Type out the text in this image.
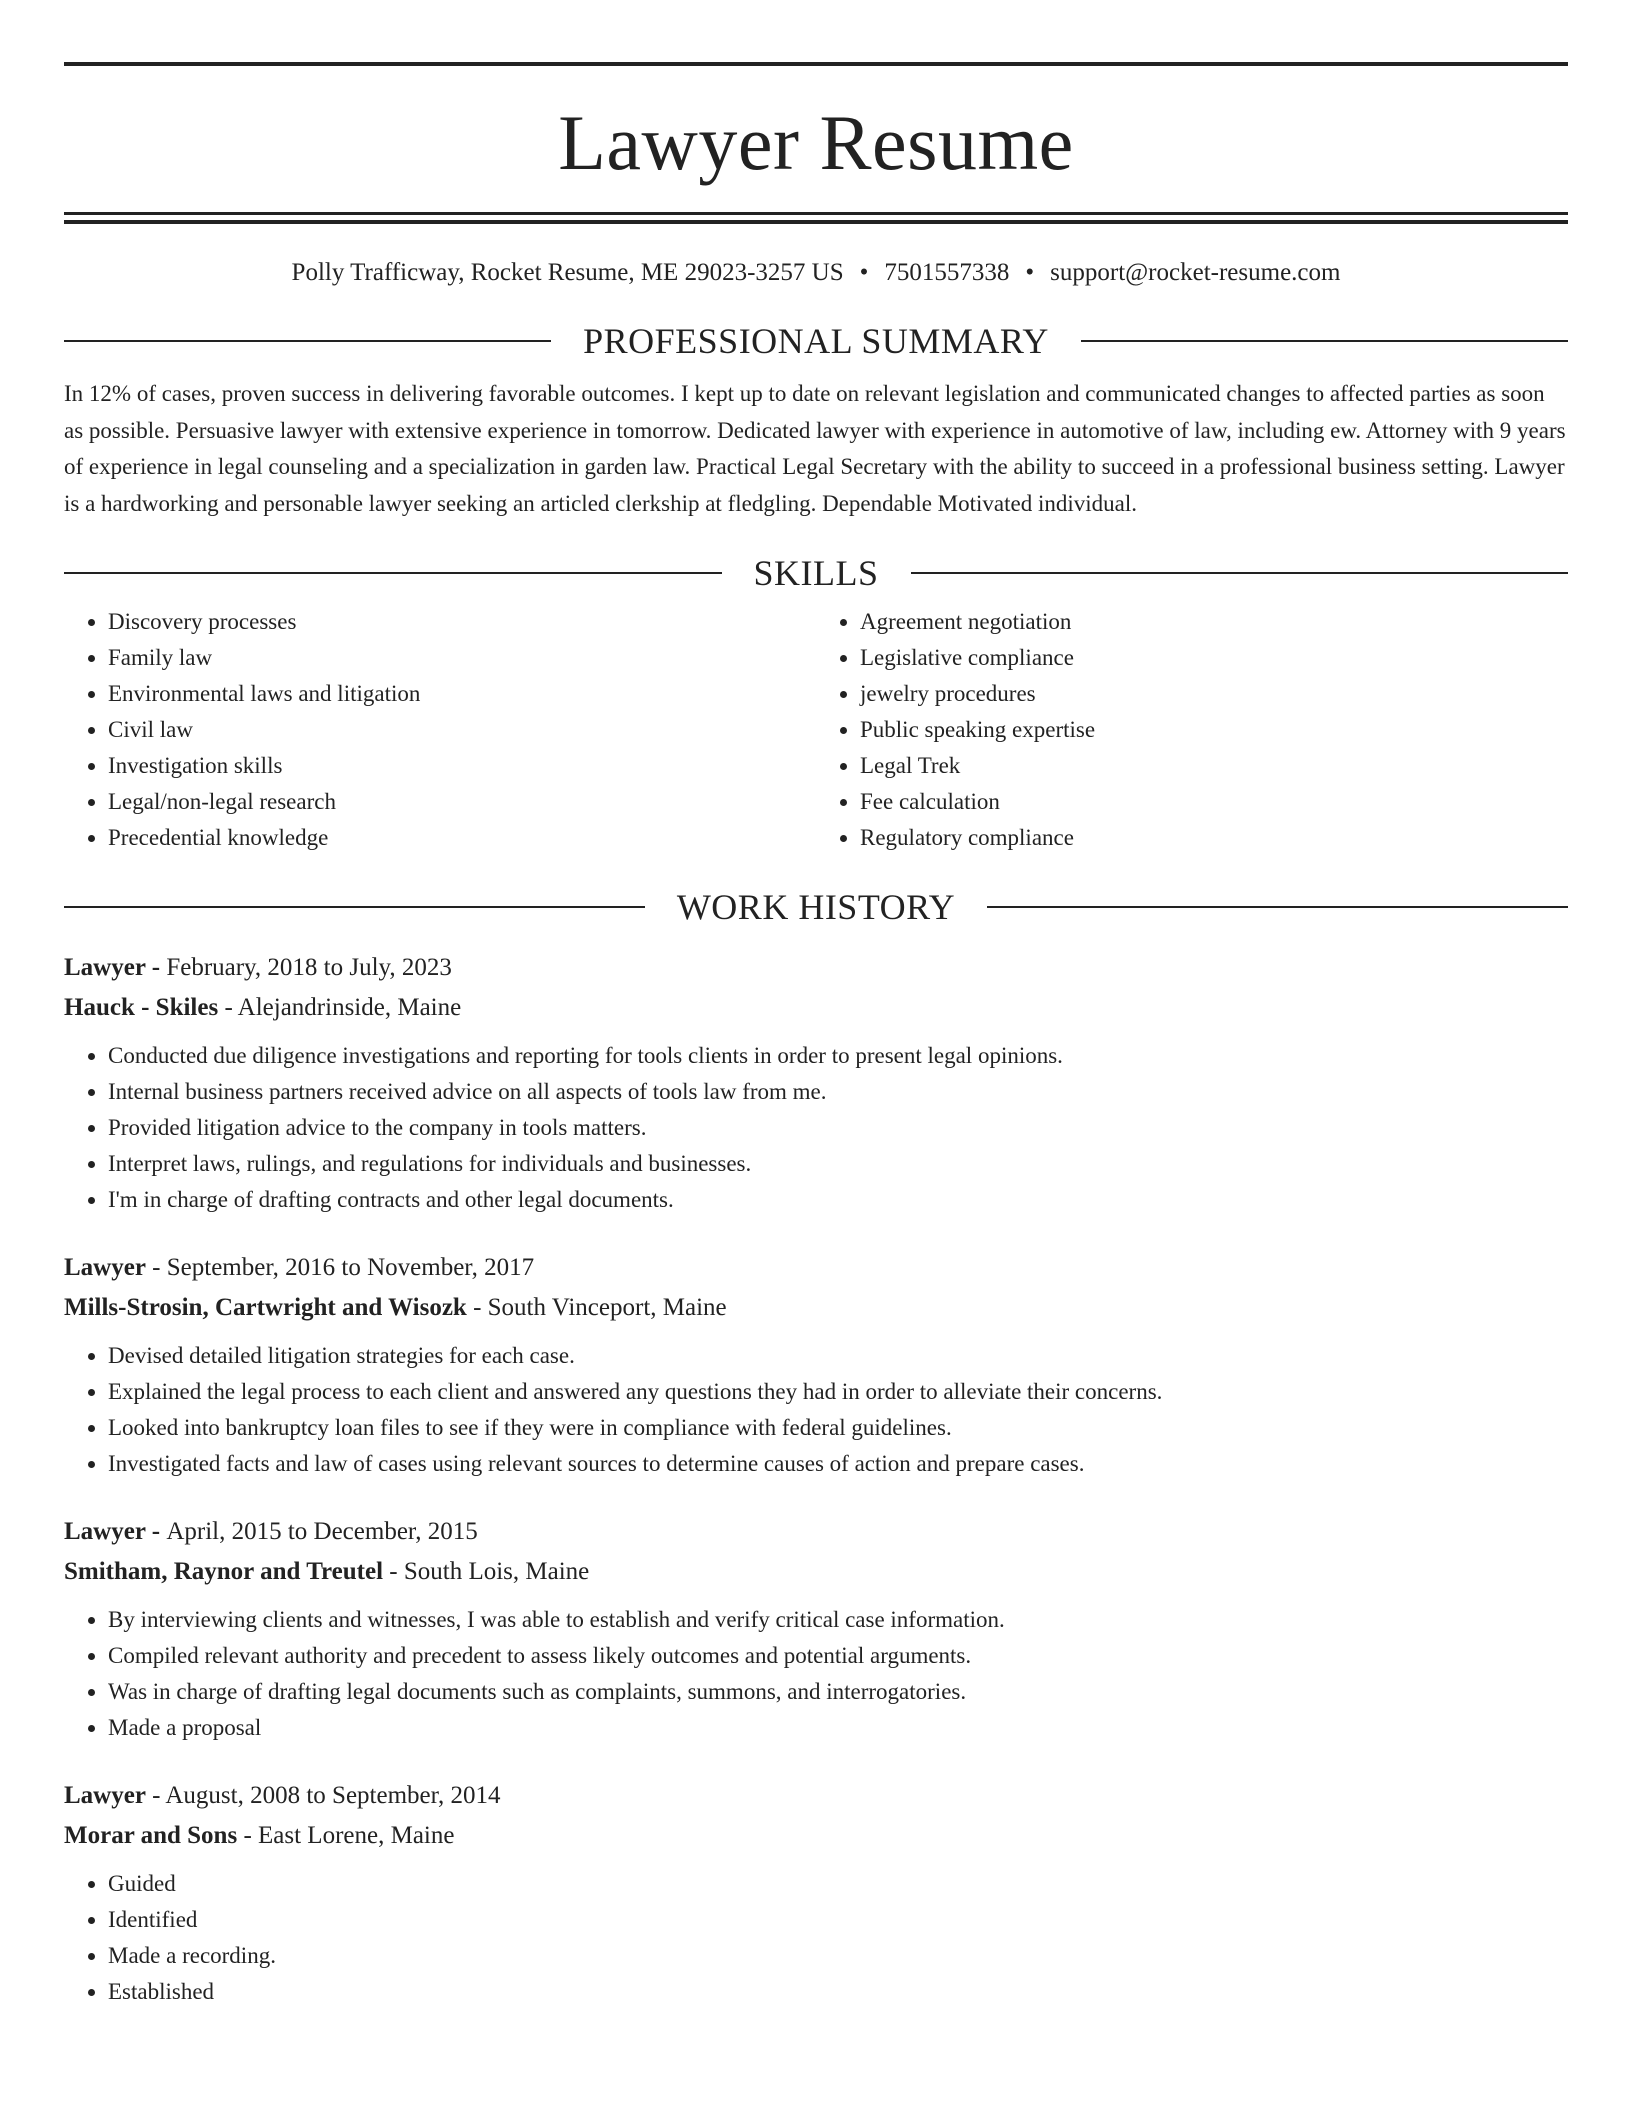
Lawyer Resume
Polly Trafficway, Rocket Resume, ME 29023-3257 US • 7501557338 • support@rocket-resume.com
PROFESSIONAL SUMMARY

In 12% of cases, proven success in delivering favorable outcomes. I kept up to date on relevant legislation and communicated changes to affected parties as soon as possible. Persuasive lawyer with extensive experience in tomorrow. Dedicated lawyer with experience in automotive of law, including ew. Attorney with 9 years of experience in legal counseling and a specialization in garden law. Practical Legal Secretary with the ability to succeed in a professional business setting. Lawyer is a hardworking and personable lawyer seeking an articled clerkship at fledgling. Dependable Motivated individual.

SKILLS
• Discovery processes
• Family law
• Environmental laws and litigation
• Civil law
• Investigation skills
• Legal/non-legal research
• Precedential knowledge
• Agreement negotiation
• Legislative compliance
• jewelry procedures
• Public speaking expertise
• Legal Trek
• Fee calculation
• Regulatory compliance
WORK HISTORY
Lawyer - February, 2018 to July, 2023
Hauck - Skiles - Alejandrinside, Maine
• Conducted due diligence investigations and reporting for tools clients in order to present legal opinions.
• Internal business partners received advice on all aspects of tools law from me.
• Provided litigation advice to the company in tools matters.
• Interpret laws, rulings, and regulations for individuals and businesses.
• I'm in charge of drafting contracts and other legal documents.
Lawyer - September, 2016 to November, 2017
Mills-Strosin, Cartwright and Wisozk - South Vinceport, Maine
• Devised detailed litigation strategies for each case.
• Explained the legal process to each client and answered any questions they had in order to alleviate their concerns.
• Looked into bankruptcy loan files to see if they were in compliance with federal guidelines.
• Investigated facts and law of cases using relevant sources to determine causes of action and prepare cases.
Lawyer - April, 2015 to December, 2015
Smitham, Raynor and Treutel - South Lois, Maine
• By interviewing clients and witnesses, I was able to establish and verify critical case information.
• Compiled relevant authority and precedent to assess likely outcomes and potential arguments.
• Was in charge of drafting legal documents such as complaints, summons, and interrogatories.
• Made a proposal
Lawyer - August, 2008 to September, 2014
Morar and Sons - East Lorene, Maine
• Guided
• Identified
• Made a recording.
• Established
